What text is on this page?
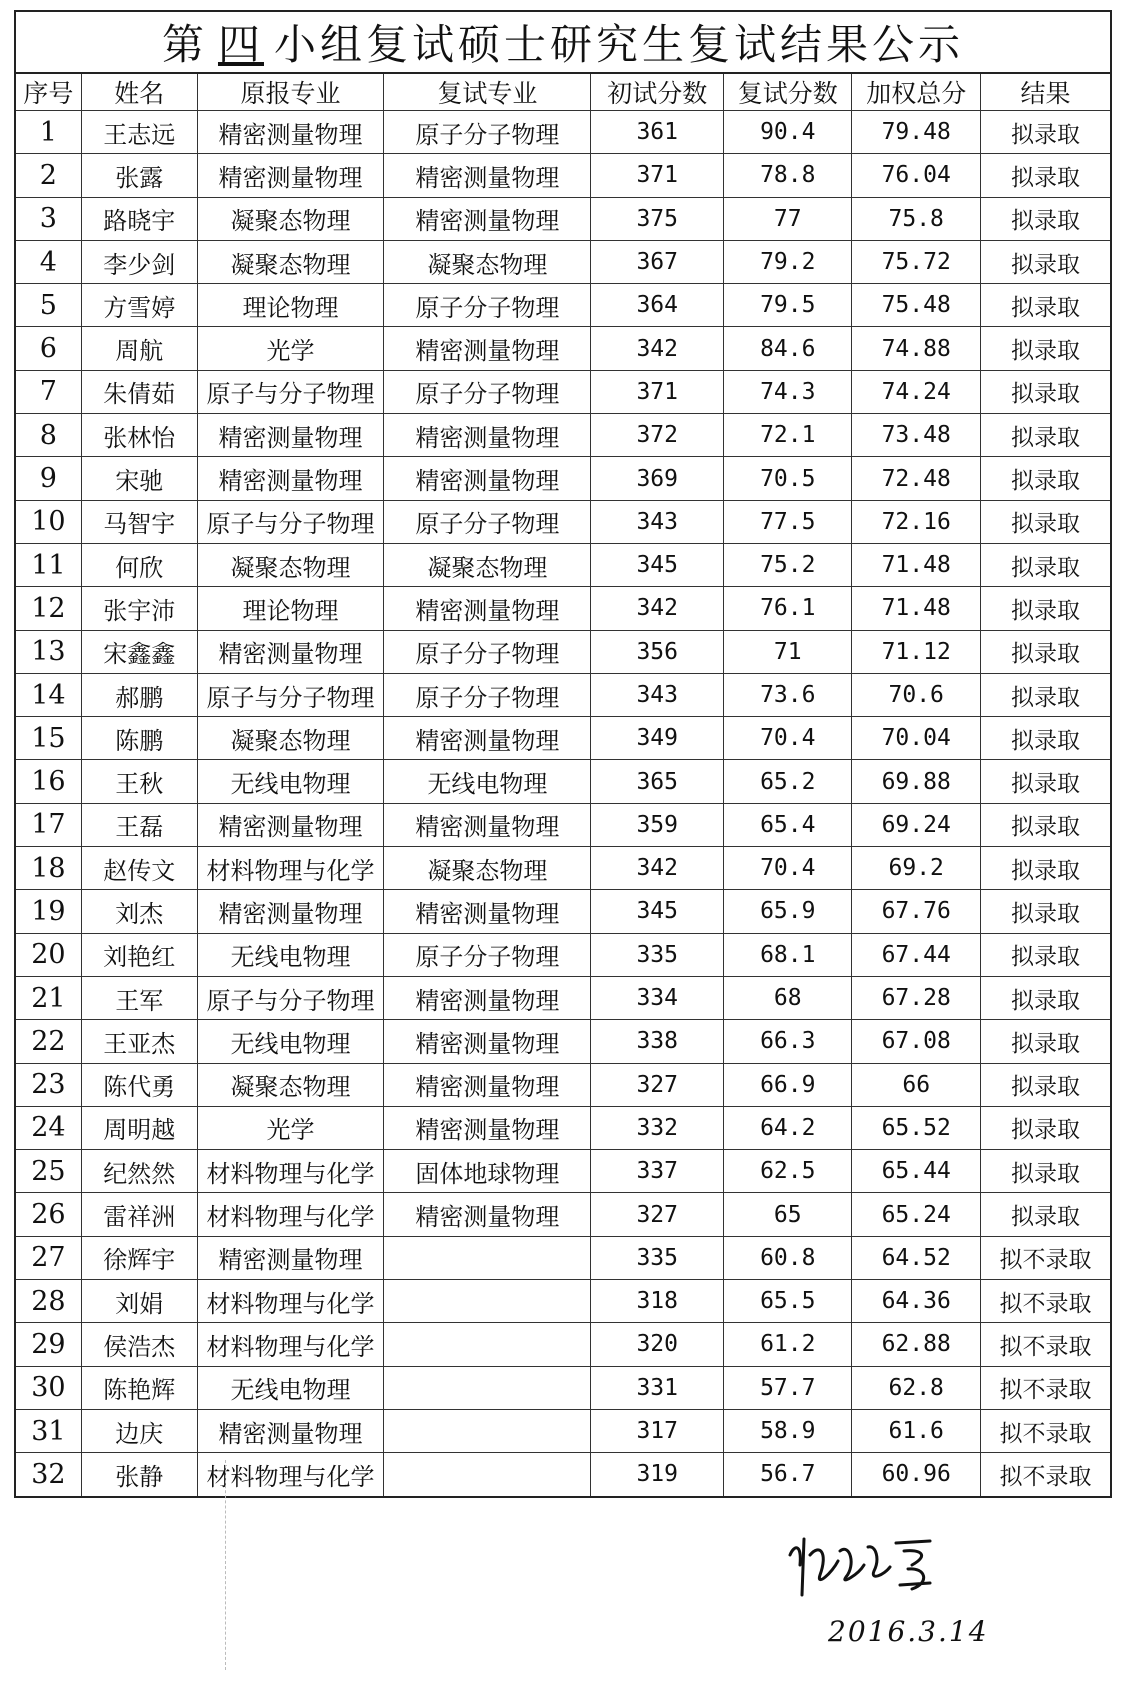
第 四 小组复试硕士研究生复试结果公示
序号	姓名	原报专业	复试专业	初试分数	复试分数	加权总分	结果
1	王志远	精密测量物理	原子分子物理	361	90.4	79.48	拟录取
2	张露	精密测量物理	精密测量物理	371	78.8	76.04	拟录取
3	路晓宇	凝聚态物理	精密测量物理	375	77	75.8	拟录取
4	李少剑	凝聚态物理	凝聚态物理	367	79.2	75.72	拟录取
5	方雪婷	理论物理	原子分子物理	364	79.5	75.48	拟录取
6	周航	光学	精密测量物理	342	84.6	74.88	拟录取
7	朱倩茹	原子与分子物理	原子分子物理	371	74.3	74.24	拟录取
8	张林怡	精密测量物理	精密测量物理	372	72.1	73.48	拟录取
9	宋驰	精密测量物理	精密测量物理	369	70.5	72.48	拟录取
10	马智宇	原子与分子物理	原子分子物理	343	77.5	72.16	拟录取
11	何欣	凝聚态物理	凝聚态物理	345	75.2	71.48	拟录取
12	张宇沛	理论物理	精密测量物理	342	76.1	71.48	拟录取
13	宋鑫鑫	精密测量物理	原子分子物理	356	71	71.12	拟录取
14	郝鹏	原子与分子物理	原子分子物理	343	73.6	70.6	拟录取
15	陈鹏	凝聚态物理	精密测量物理	349	70.4	70.04	拟录取
16	王秋	无线电物理	无线电物理	365	65.2	69.88	拟录取
17	王磊	精密测量物理	精密测量物理	359	65.4	69.24	拟录取
18	赵传文	材料物理与化学	凝聚态物理	342	70.4	69.2	拟录取
19	刘杰	精密测量物理	精密测量物理	345	65.9	67.76	拟录取
20	刘艳红	无线电物理	原子分子物理	335	68.1	67.44	拟录取
21	王军	原子与分子物理	精密测量物理	334	68	67.28	拟录取
22	王亚杰	无线电物理	精密测量物理	338	66.3	67.08	拟录取
23	陈代勇	凝聚态物理	精密测量物理	327	66.9	66	拟录取
24	周明越	光学	精密测量物理	332	64.2	65.52	拟录取
25	纪然然	材料物理与化学	固体地球物理	337	62.5	65.44	拟录取
26	雷祥洲	材料物理与化学	精密测量物理	327	65	65.24	拟录取
27	徐辉宇	精密测量物理		335	60.8	64.52	拟不录取
28	刘娟	材料物理与化学		318	65.5	64.36	拟不录取
29	侯浩杰	材料物理与化学		320	61.2	62.88	拟不录取
30	陈艳辉	无线电物理		331	57.7	62.8	拟不录取
31	边庆	精密测量物理		317	58.9	61.6	拟不录取
32	张静	材料物理与化学		319	56.7	60.96	拟不录取
2016.3.14
